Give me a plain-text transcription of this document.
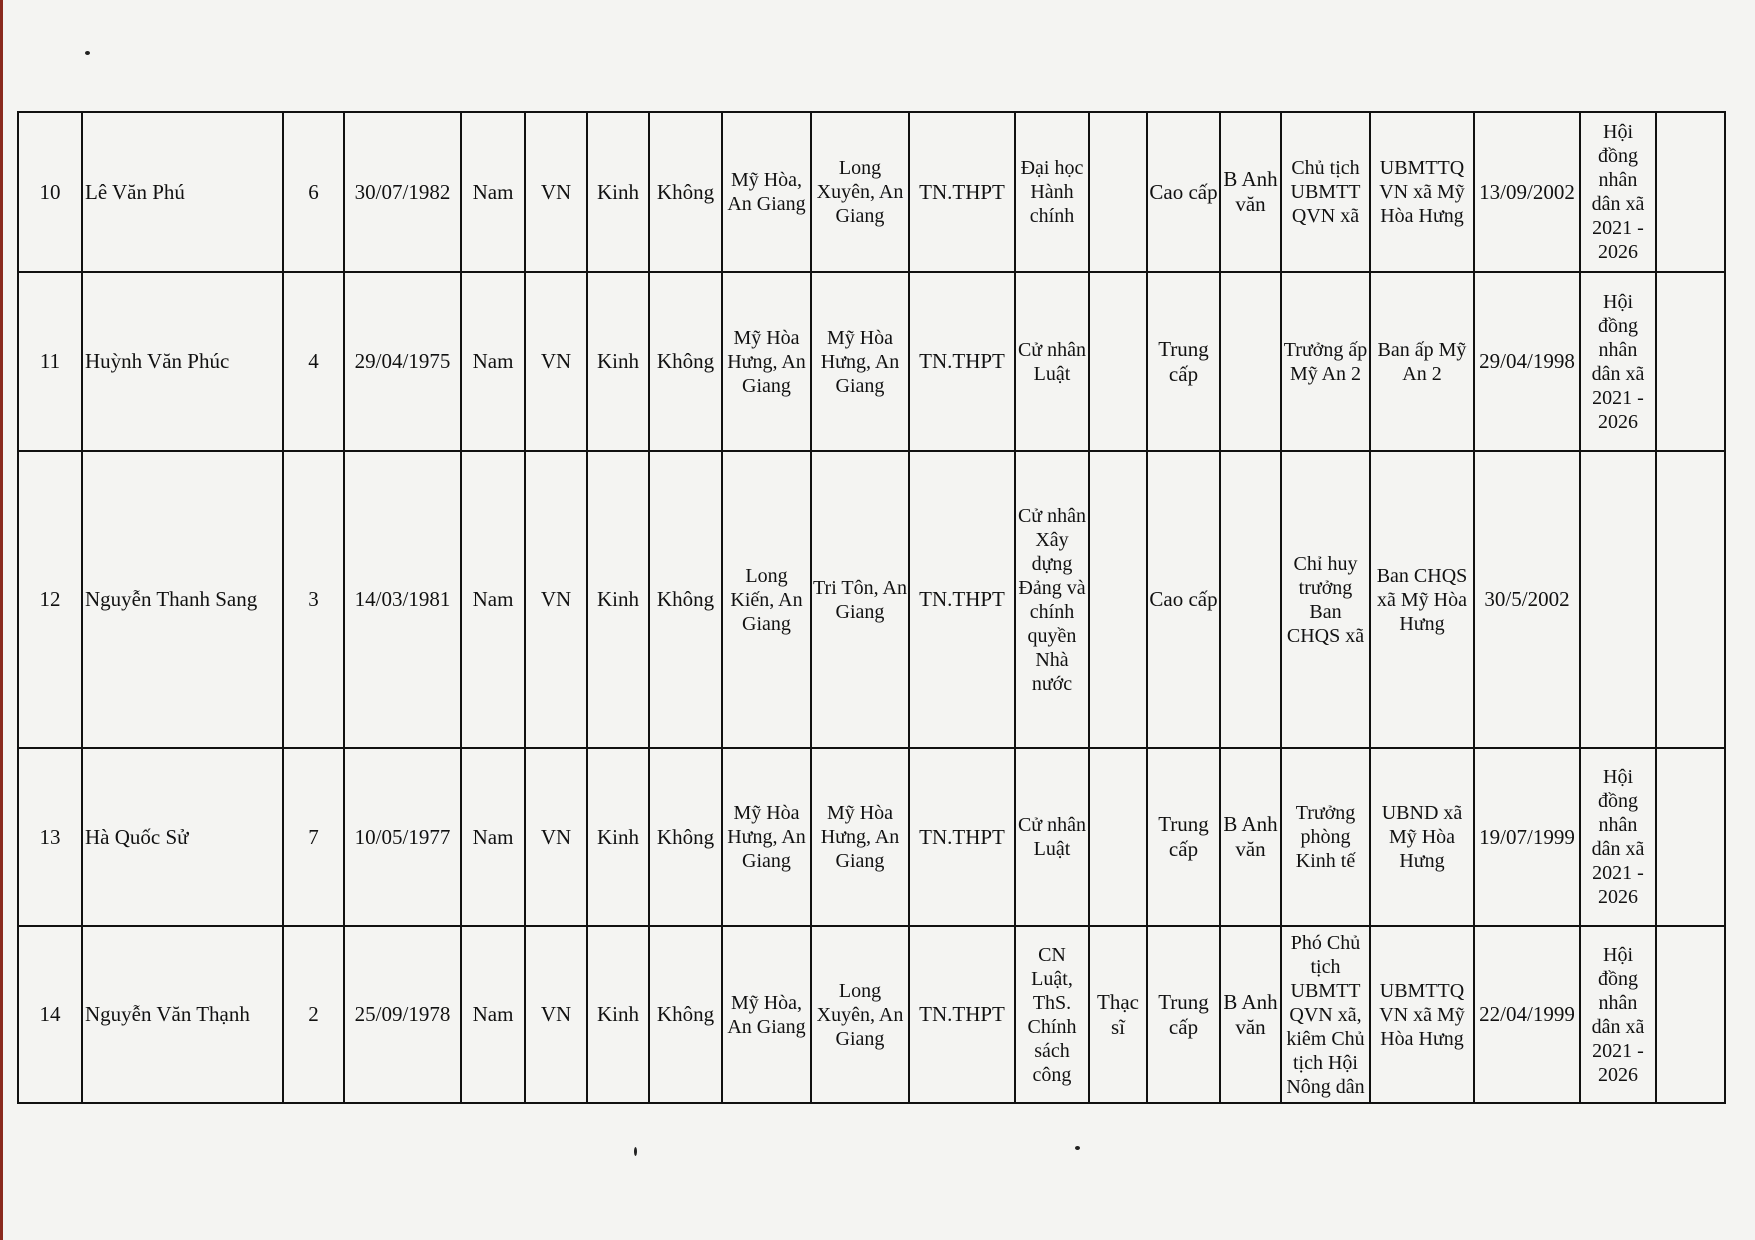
10	Lê Văn Phú	6	30/07/1982	Nam	VN	Kinh	Không	Mỹ Hòa, An Giang	Long Xuyên, An Giang	TN.THPT	Đại học Hành chính		Cao cấp	B Anh văn	Chủ tịch UBMTT QVN xã	UBMTTQ VN xã Mỹ Hòa Hưng	13/09/2002	Hội đồng nhân dân xã 2021 - 2026	
11	Huỳnh Văn Phúc	4	29/04/1975	Nam	VN	Kinh	Không	Mỹ Hòa Hưng, An Giang	Mỹ Hòa Hưng, An Giang	TN.THPT	Cử nhân Luật		Trung cấp		Trưởng ấp Mỹ An 2	Ban ấp Mỹ An 2	29/04/1998	Hội đồng nhân dân xã 2021 - 2026	
12	Nguyễn Thanh Sang	3	14/03/1981	Nam	VN	Kinh	Không	Long Kiến, An Giang	Tri Tôn, An Giang	TN.THPT	Cử nhân Xây dựng Đảng và chính quyền Nhà nước		Cao cấp		Chỉ huy trưởng Ban CHQS xã	Ban CHQS xã Mỹ Hòa Hưng	30/5/2002		
13	Hà Quốc Sử	7	10/05/1977	Nam	VN	Kinh	Không	Mỹ Hòa Hưng, An Giang	Mỹ Hòa Hưng, An Giang	TN.THPT	Cử nhân Luật		Trung cấp	B Anh văn	Trưởng phòng Kinh tế	UBND xã Mỹ Hòa Hưng	19/07/1999	Hội đồng nhân dân xã 2021 - 2026	
14	Nguyễn Văn Thạnh	2	25/09/1978	Nam	VN	Kinh	Không	Mỹ Hòa, An Giang	Long Xuyên, An Giang	TN.THPT	CN Luật, ThS. Chính sách công	Thạc sĩ	Trung cấp	B Anh văn	Phó Chủ tịch UBMTT QVN xã, kiêm Chủ tịch Hội Nông dân	UBMTTQ VN xã Mỹ Hòa Hưng	22/04/1999	Hội đồng nhân dân xã 2021 - 2026	
